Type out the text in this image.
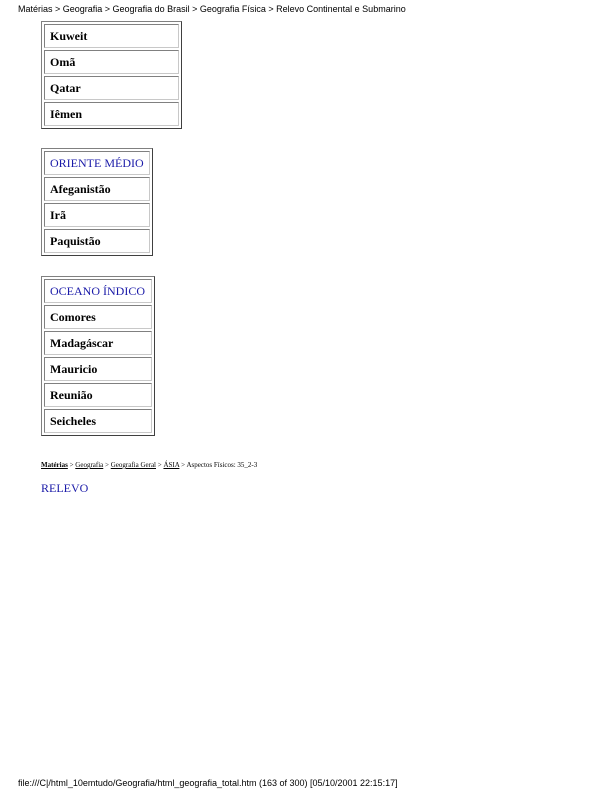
Matérias > Geografia > Geografia do Brasil > Geografia Física > Relevo Continental e Submarino
Kuweit
Omã
Qatar
Iêmen
ORIENTE MÉDIO
Afeganistão
Irã
Paquistão
OCEANO ÍNDICO
Comores
Madagáscar
Mauricio
Reunião
Seicheles
Matérias > Geografia > Geografia Geral > ÁSIA > Aspectos Físicos: 35_2-3
RELEVO
file:///C|/html_10emtudo/Geografia/html_geografia_total.htm (163 of 300) [05/10/2001 22:15:17]
